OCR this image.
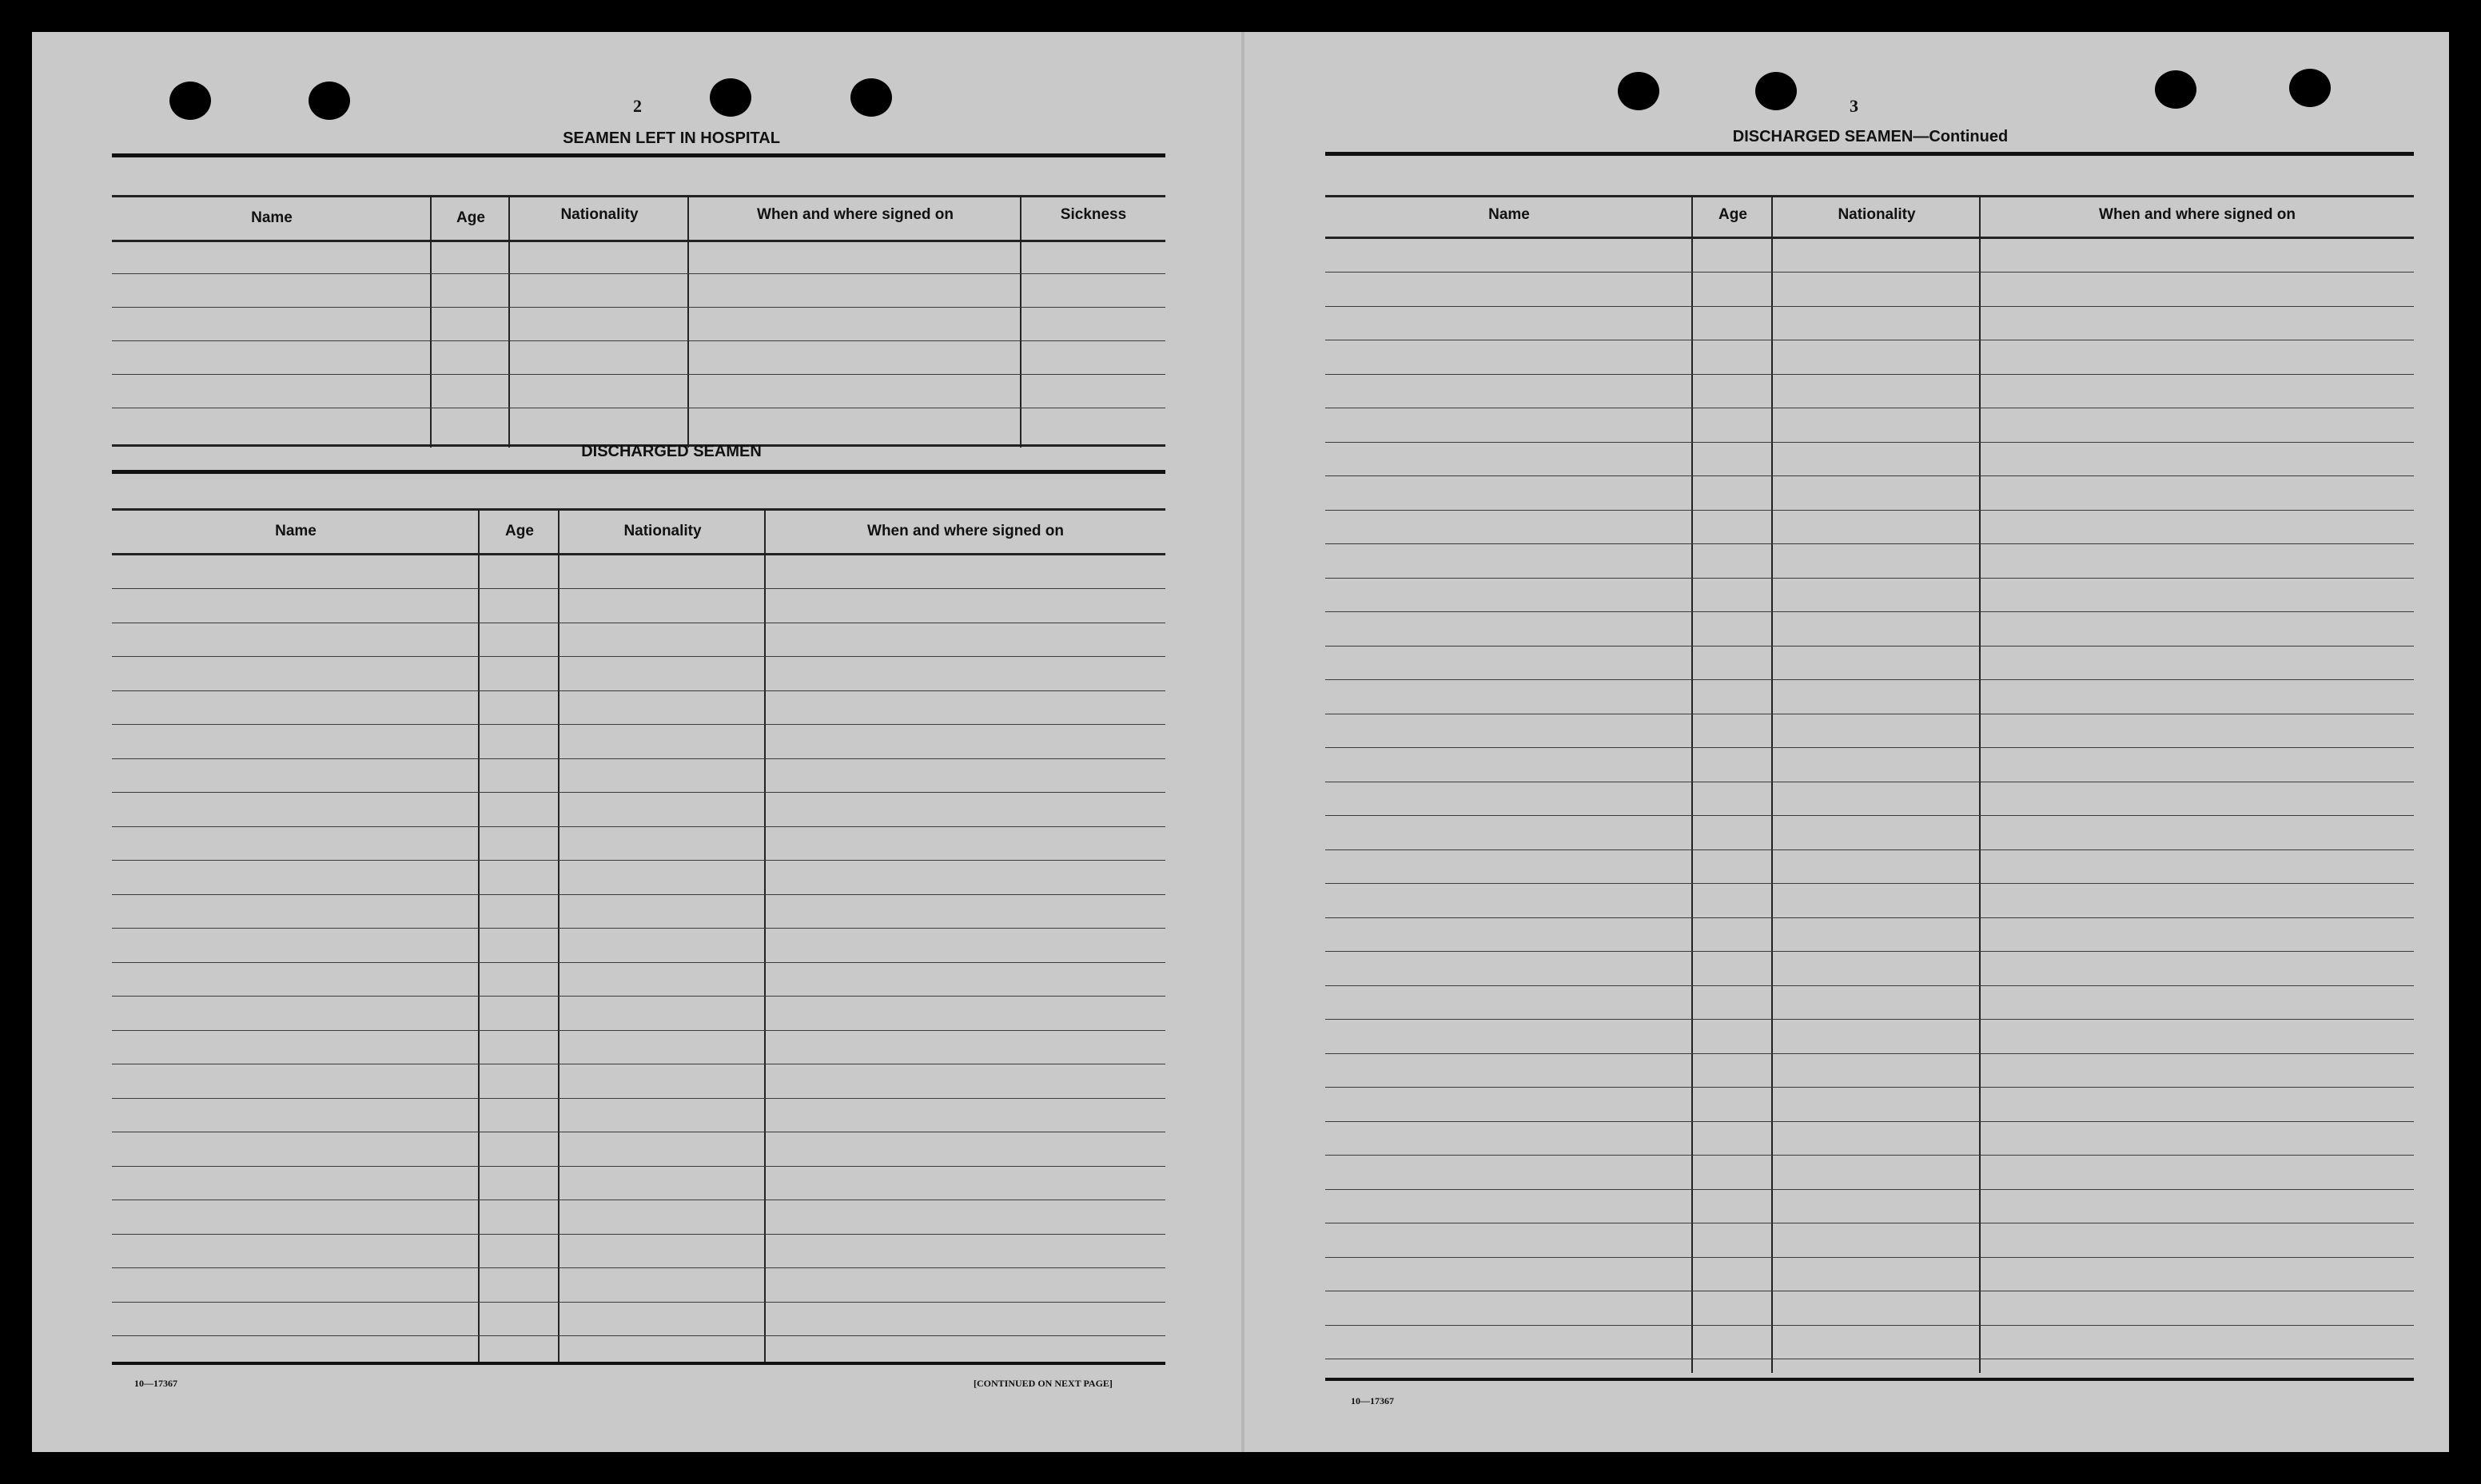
2
SEAMEN LEFT IN HOSPITAL
Name	Age	Nationality	When and where signed on	Sickness
DISCHARGED SEAMEN
Name	Age	Nationality	When and where signed on
10—17367	[CONTINUED ON NEXT PAGE]
3
DISCHARGED SEAMEN—Continued
Name	Age	Nationality	When and where signed on
10—17367
